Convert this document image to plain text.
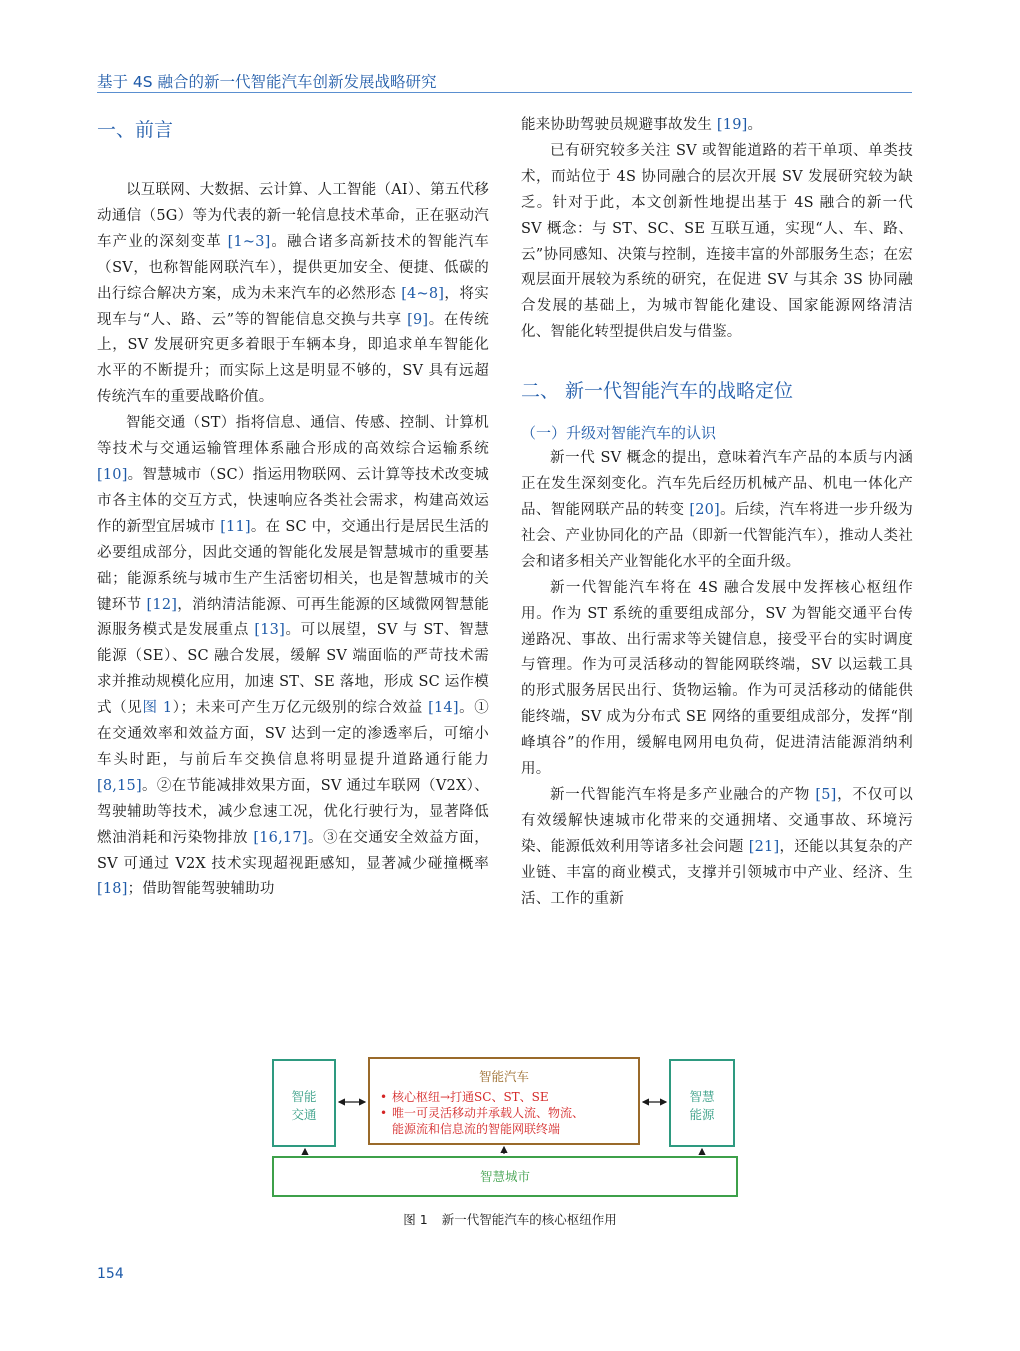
基于 4S 融合的新一代智能汽车创新发展战略研究
一、前言

以互联网、大数据、云计算、人工智能（AI）、第五代移动通信（5G）等为代表的新一轮信息技术革命，正在驱动汽车产业的深刻变革 [1~3]。融合诸多高新技术的智能汽车（SV，也称智能网联汽车），提供更加安全、便捷、低碳的出行综合解决方案，成为未来汽车的必然形态 [4~8]，将实现车与“人、路、云”等的智能信息交换与共享 [9]。在传统上，SV 发展研究更多着眼于车辆本身，即追求单车智能化水平的不断提升；而实际上这是明显不够的，SV 具有远超传统汽车的重要战略价值。

智能交通（ST）指将信息、通信、传感、控制、计算机等技术与交通运输管理体系融合形成的高效综合运输系统 [10]。智慧城市（SC）指运用物联网、云计算等技术改变城市各主体的交互方式，快速响应各类社会需求，构建高效运作的新型宜居城市 [11]。在 SC 中，交通出行是居民生活的必要组成部分，因此交通的智能化发展是智慧城市的重要基础；能源系统与城市生产生活密切相关，也是智慧城市的关键环节 [12]，消纳清洁能源、可再生能源的区域微网智慧能源服务模式是发展重点 [13]。可以展望，SV 与 ST、智慧能源（SE）、SC 融合发展，缓解 SV 端面临的严苛技术需求并推动规模化应用，加速 ST、SE 落地，形成 SC 运作模式（见图 1）；未来可产生万亿元级别的综合效益 [14]。①在交通效率和效益方面，SV 达到一定的渗透率后，可缩小车头时距，与前后车交换信息将明显提升道路通行能力 [8,15]。②在节能减排效果方面，SV 通过车联网（V2X）、驾驶辅助等技术，减少怠速工况，优化行驶行为，显著降低燃油消耗和污染物排放 [16,17]。③在交通安全效益方面，SV 可通过 V2X 技术实现超视距感知，显著减少碰撞概率 [18]；借助智能驾驶辅助功

能来协助驾驶员规避事故发生 [19]。

已有研究较多关注 SV 或智能道路的若干单项、单类技术，而站位于 4S 协同融合的层次开展 SV 发展研究较为缺乏。针对于此，本文创新性地提出基于 4S 融合的新一代 SV 概念：与 ST、SC、SE 互联互通，实现“人、车、路、云”协同感知、决策与控制，连接丰富的外部服务生态；在宏观层面开展较为系统的研究，在促进 SV 与其余 3S 协同融合发展的基础上，为城市智能化建设、国家能源网络清洁化、智能化转型提供启发与借鉴。

二、 新一代智能汽车的战略定位
（一）升级对智能汽车的认识

新一代 SV 概念的提出，意味着汽车产品的本质与内涵正在发生深刻变化。汽车先后经历机械产品、机电一体化产品、智能网联产品的转变 [20]。后续，汽车将进一步升级为社会、产业协同化的产品（即新一代智能汽车），推动人类社会和诸多相关产业智能化水平的全面升级。

新一代智能汽车将在 4S 融合发展中发挥核心枢纽作用。作为 ST 系统的重要组成部分，SV 为智能交通平台传递路况、事故、出行需求等关键信息，接受平台的实时调度与管理。作为可灵活移动的智能网联终端，SV 以运载工具的形式服务居民出行、货物运输。作为可灵活移动的储能供能终端，SV 成为分布式 SE 网络的重要组成部分，发挥“削峰填谷”的作用，缓解电网用电负荷，促进清洁能源消纳利用。

新一代智能汽车将是多产业融合的产物 [5]，不仅可以有效缓解快速城市化带来的交通拥堵、交通事故、环境污染、能源低效利用等诸多社会问题 [21]，还能以其复杂的产业链、丰富的商业模式，支撑并引领城市中产业、经济、生活、工作的重新

智能
交通
智能汽车
• 核心枢纽→打通SC、ST、SE
• 唯一可灵活移动并承载人流、物流、
能源流和信息流的智能网联终端
智慧
能源
智慧城市
图 1 新一代智能汽车的核心枢纽作用
154
